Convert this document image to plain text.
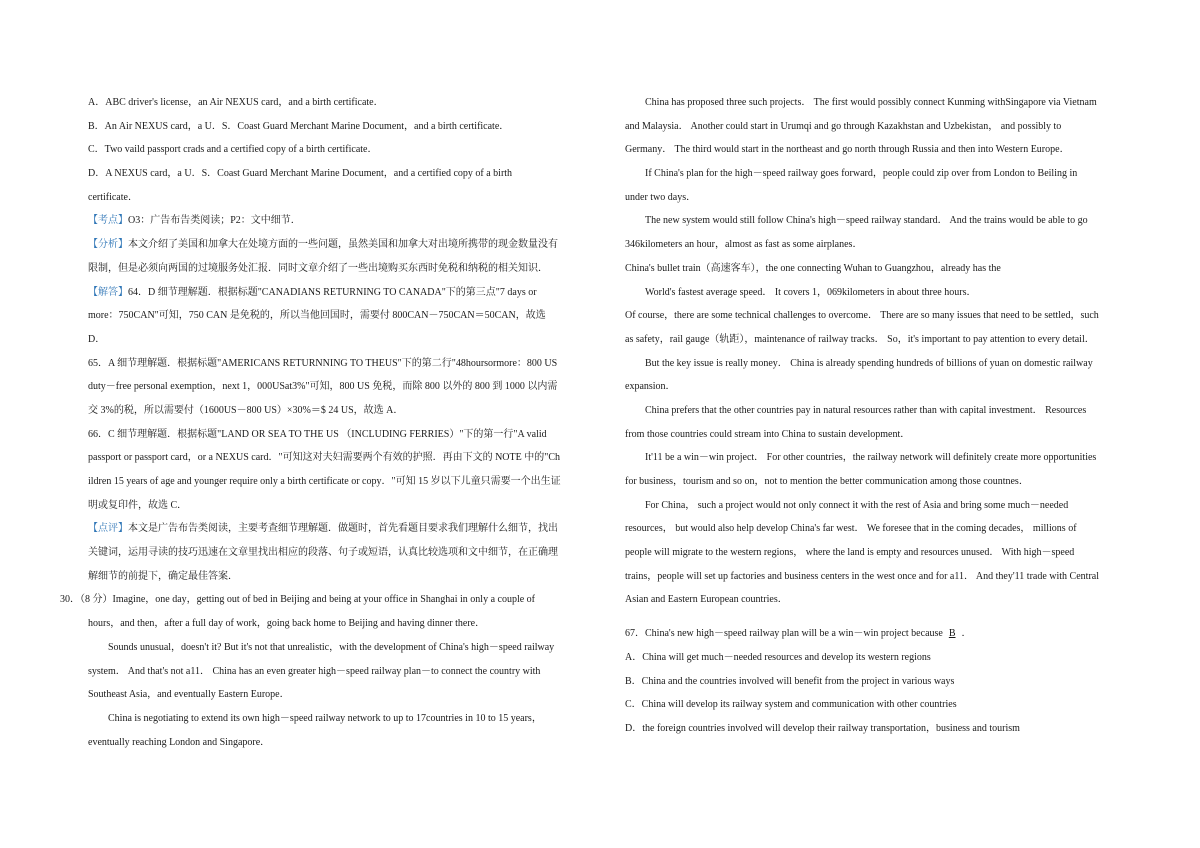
A．ABC driver's license，an Air NEXUS card，and a birth certificate．
B．An Air NEXUS card，a U．S．Coast Guard Merchant Marine Document，and a birth certificate．
C．Two vaild passport crads and a certified copy of a birth certificate．
D．A NEXUS card，a U．S．Coast Guard Merchant Marine Document，and a certified copy of a birth
certificate．
【考点】O3：广告布告类阅读；P2：文中细节．
【分析】本文介绍了美国和加拿大在处境方面的一些问题，虽然美国和加拿大对出境所携带的现金数量没有
限制，但是必须向两国的过境服务处汇报．同时文章介绍了一些出境购买东西时免税和纳税的相关知识．
【解答】64．D 细节理解题．根据标题"CANADIANS RETURNING TO CANADA"下的第三点"7 days or
more：750CAN"可知，750 CAN 是免税的，所以当他回国时，需要付 800CAN－750CAN＝50CAN，故选
D．
65．A 细节理解题．根据标题"AMERICANS RETURNNING TO THEUS"下的第二行"48hoursormore：800 US
duty－free personal exemption，next 1，000USat3%"可知，800 US 免税，而除 800 以外的 800 到 1000 以内需
交 3%的税，所以需要付（1600US－800 US）×30%＝$ 24 US，故选 A．
66．C 细节理解题．根据标题"LAND OR SEA TO THE US （INCLUDING FERRIES）"下的第一行"A valid
passport or passport card，or a NEXUS card．"可知这对夫妇需要两个有效的护照．再由下文的 NOTE 中的"Ch
ildren 15 years of age and younger require only a birth certificate or copy．"可知 15 岁以下儿童只需要一个出生证
明或复印件，故选 C．
【点评】本文是广告布告类阅读，主要考查细节理解题．做题时，首先看题目要求我们理解什么细节，找出
关键词，运用寻读的技巧迅速在文章里找出相应的段落、句子或短语，认真比较选项和文中细节，在正确理
解细节的前提下，确定最佳答案．
30．（8 分）Imagine，one day，getting out of bed in Beijing and being at your office in Shanghai in only a couple of
hours，and then，after a full day of work，going back home to Beijing and having dinner there．
Sounds unusual，doesn't it? But it's not that unrealistic，with the development of China's high－speed railway
system． And that's not a11． China has an even greater high－speed railway plan－to connect the country with
Southeast Asia，and eventually Eastern Europe．
China is negotiating to extend its own high－speed railway network to up to 17countries in 10 to 15 years，
eventually reaching London and Singapore．
China has proposed three such projects． The first would possibly connect Kunming withSingapore via Vietnam
and Malaysia． Another could start in Urumqi and go through Kazakhstan and Uzbekistan， and possibly to
Germany． The third would start in the northeast and go north through Russia and then into Western Europe．
If China's plan for the high－speed railway goes forward，people could zip over from London to Beiling in
under two days．
The new system would still follow China's high－speed railway standard． And the trains would be able to go
346kilometers an hour，almost as fast as some airplanes．
China's bullet train（高速客车），the one connecting Wuhan to Guangzhou，already has the
World's fastest average speed． It covers 1，069kilometers in about three hours．
Of course，there are some technical challenges to overcome． There are so many issues that need to be settled，such
as safety，rail gauge（轨距），maintenance of railway tracks． So，it's important to pay attention to every detail．
But the key issue is really money． China is already spending hundreds of billions of yuan on domestic railway
expansion．
China prefers that the other countries pay in natural resources rather than with capital investment． Resources
from those countries could stream into China to sustain development．
It'11 be a win－win project． For other countries，the railway network will definitely create more opportunities
for business，tourism and so on，not to mention the better communication among those countnes．
For China， such a project would not only connect it with the rest of Asia and bring some much－needed
resources， but would also help develop China's far west． We foresee that in the coming decades， millions of
people will migrate to the western regions， where the land is empty and resources unused． With high－speed
trains，people will set up factories and business centers in the west once and for a11． And they'11 trade with Central
Asian and Eastern European countries．
67．China's new high－speed railway plan will be a win－win project because B ．
A．China will get much－needed resources and develop its western regions
B．China and the countries involved will benefit from the project in various ways
C．China will develop its railway system and communication with other countries
D．the foreign countries involved will develop their railway transportation，business and tourism
